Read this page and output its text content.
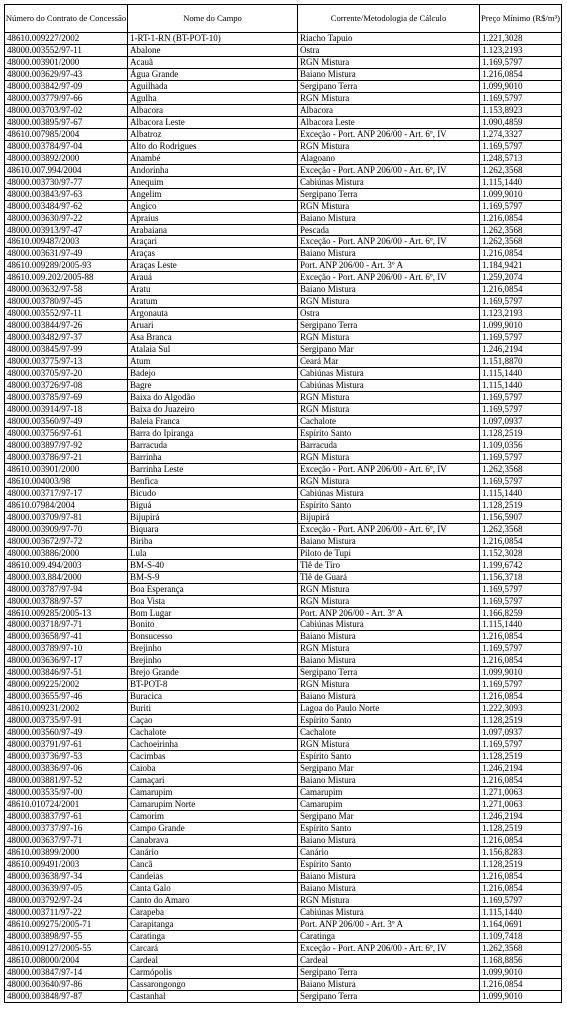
Número do Contrato de Concessão	Nome do Campo	Corrente/Metodologia de Cálculo	Preço Mínimo (R$/m³)
48610.009227/2002	1-RT-1-RN (BT-POT-10)	Riacho Tapuio	1.221,3028
48000.003552/97-11	Abalone	Ostra	1.123,2193
48000.003901/2000	Acauã	RGN Mistura	1.169,5797
48000.003629/97-43	Água Grande	Baiano Mistura	1.216,0854
48000.003842/97-09	Aguilhada	Sergipano Terra	1.099,9010
48000.003779/97-66	Agulha	RGN Mistura	1.169,5797
48000.003703/97-02	Albacora	Albacora	1.153,8923
48000.003895/97-67	Albacora Leste	Albacora Leste	1.090,4859
48610.007985/2004	Albatroz	Exceção - Port. ANP 206/00 - Art. 6º, IV	1.274,3327
48000.003784/97-04	Alto do Rodrigues	RGN Mistura	1.169,5797
48000.003892/2000	Anambé	Alagoano	1.248,5713
48610.007.994/2004	Andorinha	Exceção - Port. ANP 206/00 - Art. 6º, IV	1.262,3568
48000.003730/97-77	Anequim	Cabiúnas Mistura	1.115,1440
48000.003843/97-63	Angelim	Sergipano Terra	1.099,9010
48000.003484/97-62	Angico	RGN Mistura	1.169,5797
48000.003630/97-22	Apraius	Baiano Mistura	1.216,0854
48000.003913/97-47	Arabaiana	Pescada	1.262,3568
48610.009487/2003	Araçari	Exceção - Port. ANP 206/00 - Art. 6º, IV	1.262,3568
48000.003631/97-49	Araças	Baiano Mistura	1.216,0854
48610.009289/2005-93	Araças Leste	Port. ANP 206/00 - Art. 3º A	1.184,9421
48610.009.202/2005-88	Arauá	Exceção - Port. ANP 206/00 - Art. 6º, IV	1.259,2074
48000.003632/97-58	Aratu	Baiano Mistura	1.216,0854
48000.003780/97-45	Aratum	RGN Mistura	1.169,5797
48000.003552/97-11	Argonauta	Ostra	1.123,2193
48000.003844/97-26	Aruari	Sergipano Terra	1.099,9010
48000.003482/97-37	Asa Branca	RGN Mistura	1.169,5797
48000.003845/97-99	Atalaia Sul	Sergipano Mar	1.246,2194
48000.003775/97-13	Atum	Ceará Mar	1.151,8870
48000.003705/97-20	Badejo	Cabiúnas Mistura	1.115,1440
48000.003726/97-08	Bagre	Cabiúnas Mistura	1.115,1440
48000.003785/97-69	Baixa do Algodão	RGN Mistura	1.169,5797
48000.003914/97-18	Baixa do Juazeiro	RGN Mistura	1.169,5797
48000.003560/97-49	Baleia Franca	Cachalote	1.097,0937
48000.003756/97-61	Barra do Ipiranga	Espírito Santo	1.128,2519
48000.003897/97-92	Barracuda	Barracuda	1.109,0356
48000.003786/97-21	Barrinha	RGN Mistura	1.169,5797
48610.003901/2000	Barrinha Leste	Exceção - Port. ANP 206/00 - Art. 6º, IV	1.262,3568
48610.004003/98	Benfica	RGN Mistura	1.169,5797
48000.003717/97-17	Bicudo	Cabiúnas Mistura	1.115,1440
48610.07984/2004	Biguá	Espírito Santo	1.128,2519
48000.003709/97-81	Bijupirá	Bijupirá	1.156,5907
48000.003909/97-70	Biquara	Exceção - Port. ANP 206/00 - Art. 6º, IV	1.262,3568
48000.003672/97-72	Biriba	Baiano Mistura	1.216,0854
48000.003886/2000	Lula	Piloto de Tupi	1.152,3028
48610.009.494/2003	BM-S-40	Tlê de Tiro	1.199,6742
48000.003.884/2000	BM-S-9	Tlê de Guará	1.156,3718
48000.003787/97-94	Boa Esperança	RGN Mistura	1.169,5797
48000.003788/97-57	Boa Vista	RGN Mistura	1.169,5797
48610.009285/2005-13	Bom Lugar	Port. ANP 206/00 - Art. 3º A	1.166,8259
48000.003718/97-71	Bonito	Cabiúnas Mistura	1.115,1440
48000.003658/97-41	Bonsucesso	Baiano Mistura	1.216,0854
48000.003789/97-10	Brejinho	RGN Mistura	1.169,5797
48000.003636/97-17	Brejinho	Baiano Mistura	1.216,0854
48000.003846/97-51	Brejo Grande	Sergipano Terra	1.099,9010
48000.009225/2002	BT-POT-8	RGN Mistura	1.169,5797
48000.003655/97-46	Buracica	Baiano Mistura	1.216,0854
48610.009231/2002	Buriti	Lagoa do Paulo Norte	1.222,3093
48000.003735/97-91	Caçao	Espírito Santo	1.128,2519
48000.003560/97-49	Cachalote	Cachalote	1.097,0937
48000.003791/97-61	Cachoeirinha	RGN Mistura	1.169,5797
48000.003736/97-53	Cacimbas	Espírito Santo	1.128,2519
48000.003836/97-06	Caioba	Sergipano Mar	1.246,2194
48000.003881/97-52	Camaçari	Baiano Mistura	1.216,0854
48000.003535/97-00	Camarupim	Camarupim	1.271,0063
48610.010724/2001	Camarupim Norte	Camarupim	1.271,0063
48000.003837/97-61	Camorim	Sergipano Mar	1.246,2194
48000.003737/97-16	Campo Grande	Espírito Santo	1.128,2519
48000.003637/97-71	Canabrava	Baiano Mistura	1.216,0854
48610.003899/2000	Canário	Canário	1.156,8283
48610.009491/2003	Cancã	Espírito Santo	1.128,2519
48000.003638/97-34	Candeias	Baiano Mistura	1.216,0854
48000.003639/97-05	Canta Galo	Baiano Mistura	1.216,0854
48000.003792/97-24	Canto do Amaro	RGN Mistura	1.169,5797
48000.003711/97-22	Carapeba	Cabiúnas Mistura	1.115,1440
48610.009275/2005-71	Carapitanga	Port. ANP 206/00 - Art. 3º A	1.164,0691
48000.003898/97-55	Caratinga	Caratinga	1.109,7418
48610.009127/2005-55	Carcará	Exceção - Port. ANP 206/00 - Art. 6º, IV	1.262,3568
48610.008000/2004	Cardeal	Cardeal	1.168,8856
48000.003847/97-14	Carmópolis	Sergipano Terra	1.099,9010
48000.003640/97-86	Cassarongongo	Baiano Mistura	1.216,0854
48000.003848/97-87	Castanhal	Sergipano Terra	1.099,9010
